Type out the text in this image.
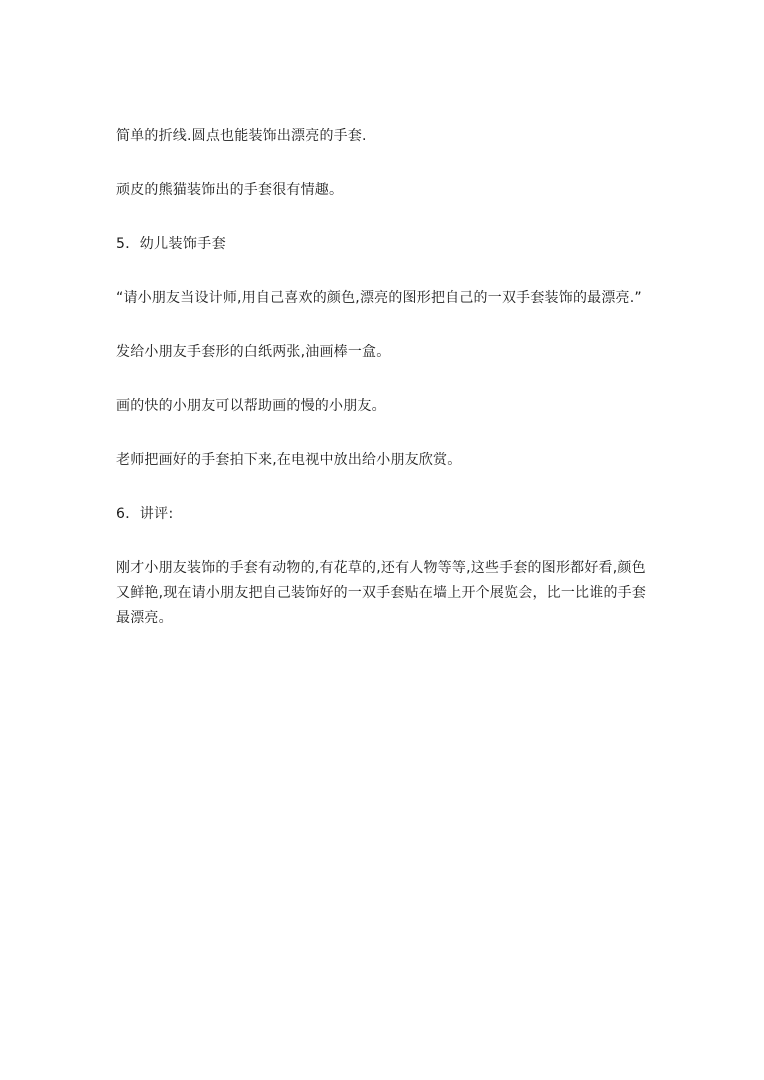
简单的折线.圆点也能装饰出漂亮的手套.

顽皮的熊猫装饰出的手套很有情趣。

5．幼儿装饰手套

“请小朋友当设计师,用自己喜欢的颜色,漂亮的图形把自己的一双手套装饰的最漂亮.”

发给小朋友手套形的白纸两张,油画棒一盒。

画的快的小朋友可以帮助画的慢的小朋友。

老师把画好的手套拍下来,在电视中放出给小朋友欣赏。

6．讲评:

刚才小朋友装饰的手套有动物的,有花草的,还有人物等等,这些手套的图形都好看,颜色又鲜艳,现在请小朋友把自己装饰好的一双手套贴在墙上开个展览会，比一比谁的手套最漂亮。
